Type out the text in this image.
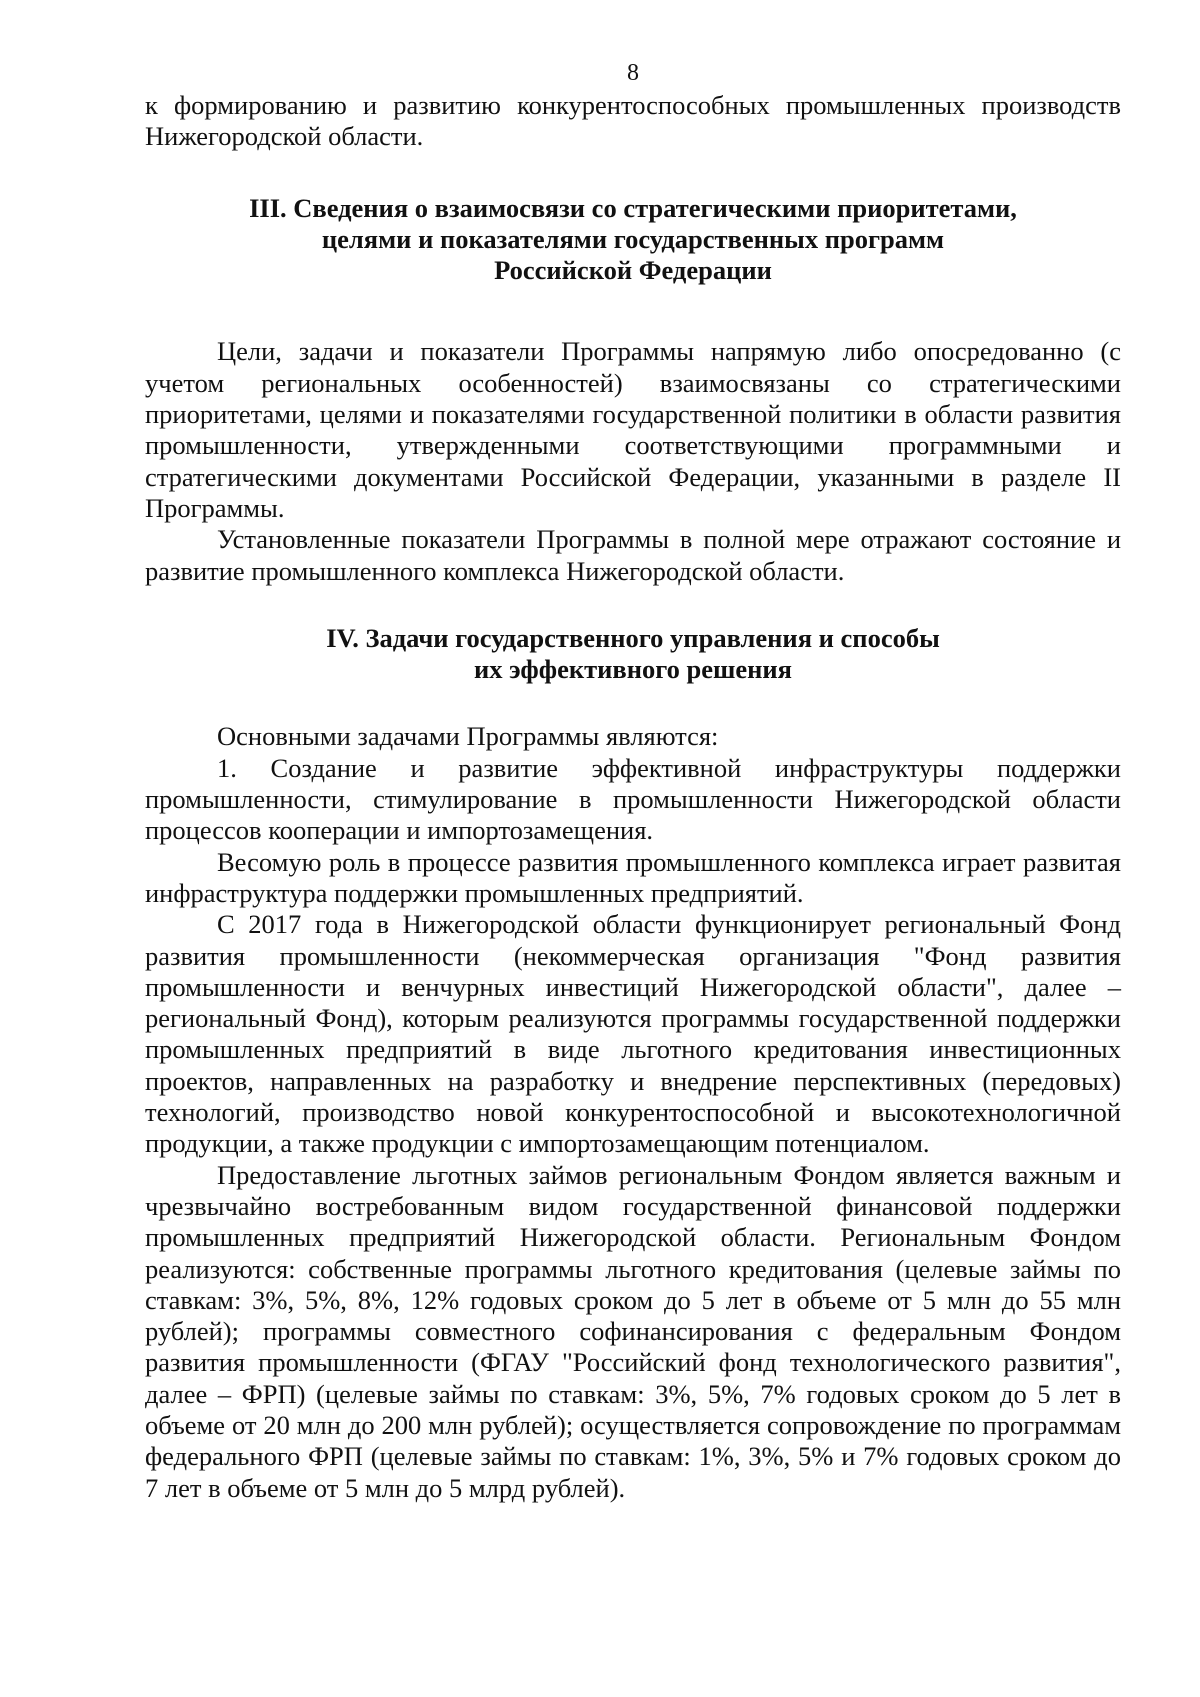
8

к формированию и развитию конкурентоспособных промышленных производств Нижегородской области.

III. Сведения о взаимосвязи со стратегическими приоритетами,
целями и показателями государственных программ
Российской Федерации

Цели, задачи и показатели Программы напрямую либо опосредованно (с учетом региональных особенностей) взаимосвязаны со стратегическими приоритетами, целями и показателями государственной политики в области развития промышленности, утвержденными соответствующими программными и стратегическими документами Российской Федерации, указанными в разделе II Программы.

Установленные показатели Программы в полной мере отражают состояние и развитие промышленного комплекса Нижегородской области.

IV. Задачи государственного управления и способы
их эффективного решения

Основными задачами Программы являются:

1. Создание и развитие эффективной инфраструктуры поддержки промышленности, стимулирование в промышленности Нижегородской области процессов кооперации и импортозамещения.

Весомую роль в процессе развития промышленного комплекса играет развитая инфраструктура поддержки промышленных предприятий.

С 2017 года в Нижегородской области функционирует региональный Фонд развития промышленности (некоммерческая организация "Фонд развития промышленности и венчурных инвестиций Нижегородской области", далее – региональный Фонд), которым реализуются программы государственной поддержки промышленных предприятий в виде льготного кредитования инвестиционных проектов, направленных на разработку и внедрение перспективных (передовых) технологий, производство новой конкурентоспособной и высокотехнологичной продукции, а также продукции с импортозамещающим потенциалом.

Предоставление льготных займов региональным Фондом является важным и чрезвычайно востребованным видом государственной финансовой поддержки промышленных предприятий Нижегородской области. Региональным Фондом реализуются: собственные программы льготного кредитования (целевые займы по ставкам: 3%, 5%, 8%, 12% годовых сроком до 5 лет в объеме от 5 млн до 55 млн рублей); программы совместного софинансирования с федеральным Фондом развития промышленности (ФГАУ "Российский фонд технологического развития", далее – ФРП) (целевые займы по ставкам: 3%, 5%, 7% годовых сроком до 5 лет в объеме от 20 млн до 200 млн рублей); осуществляется сопровождение по программам федерального ФРП (целевые займы по ставкам: 1%, 3%, 5% и 7% годовых сроком до 7 лет в объеме от 5 млн до 5 млрд рублей).
